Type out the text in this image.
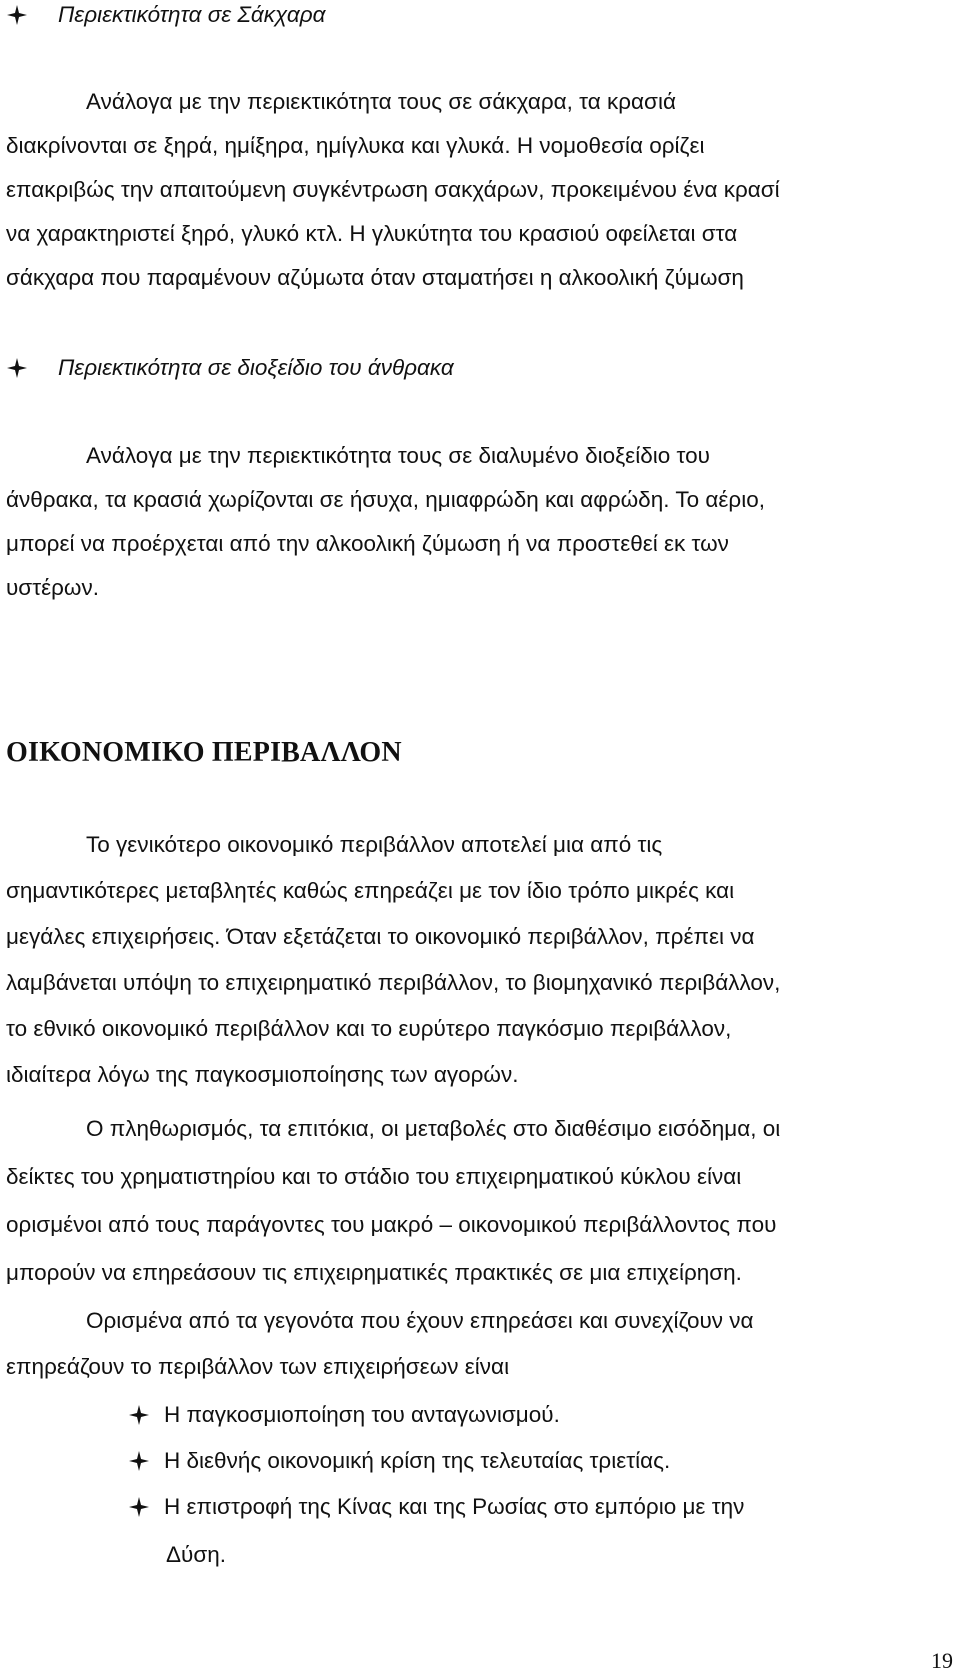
Περιεκτικότητα σε Σάκχαρα
Ανάλογα με την περιεκτικότητα τους σε σάκχαρα, τα κρασιά
διακρίνονται σε ξηρά, ημίξηρα, ημίγλυκα και γλυκά. Η νομοθεσία ορίζει
επακριβώς την απαιτούμενη συγκέντρωση σακχάρων, προκειμένου ένα κρασί
να χαρακτηριστεί ξηρό, γλυκό κτλ. Η γλυκύτητα του κρασιού οφείλεται στα
σάκχαρα που παραμένουν αζύμωτα όταν σταματήσει η αλκοολική ζύμωση
Περιεκτικότητα σε διοξείδιο του άνθρακα
Ανάλογα με την περιεκτικότητα τους σε διαλυμένο διοξείδιο του
άνθρακα, τα κρασιά χωρίζονται σε ήσυχα, ημιαφρώδη και αφρώδη. Το αέριο,
μπορεί να προέρχεται από την αλκοολική ζύμωση ή να προστεθεί εκ των
υστέρων.
ΟΙΚΟΝΟΜΙΚΟ ΠΕΡΙΒΑΛΛΟΝ
Το γενικότερο οικονομικό περιβάλλον αποτελεί μια από τις
σημαντικότερες μεταβλητές καθώς επηρεάζει με τον ίδιο τρόπο μικρές και
μεγάλες επιχειρήσεις. Όταν εξετάζεται το οικονομικό περιβάλλον, πρέπει να
λαμβάνεται υπόψη το επιχειρηματικό περιβάλλον, το βιομηχανικό περιβάλλον,
το εθνικό οικονομικό περιβάλλον και το ευρύτερο παγκόσμιο περιβάλλον,
ιδιαίτερα λόγω της παγκοσμιοποίησης των αγορών.
Ο πληθωρισμός, τα επιτόκια, οι μεταβολές στο διαθέσιμο εισόδημα, οι
δείκτες του χρηματιστηρίου και το στάδιο του επιχειρηματικού κύκλου είναι
ορισμένοι από τους παράγοντες του μακρό – οικονομικού περιβάλλοντος που
μπορούν να επηρεάσουν τις επιχειρηματικές πρακτικές σε μια επιχείρηση.
Ορισμένα από τα γεγονότα που έχουν επηρεάσει και συνεχίζουν να
επηρεάζουν το περιβάλλον των επιχειρήσεων είναι
Η παγκοσμιοποίηση του ανταγωνισμού.
Η διεθνής οικονομική κρίση της τελευταίας τριετίας.
Η επιστροφή της Κίνας και της Ρωσίας στο εμπόριο με την
Δύση.
19
